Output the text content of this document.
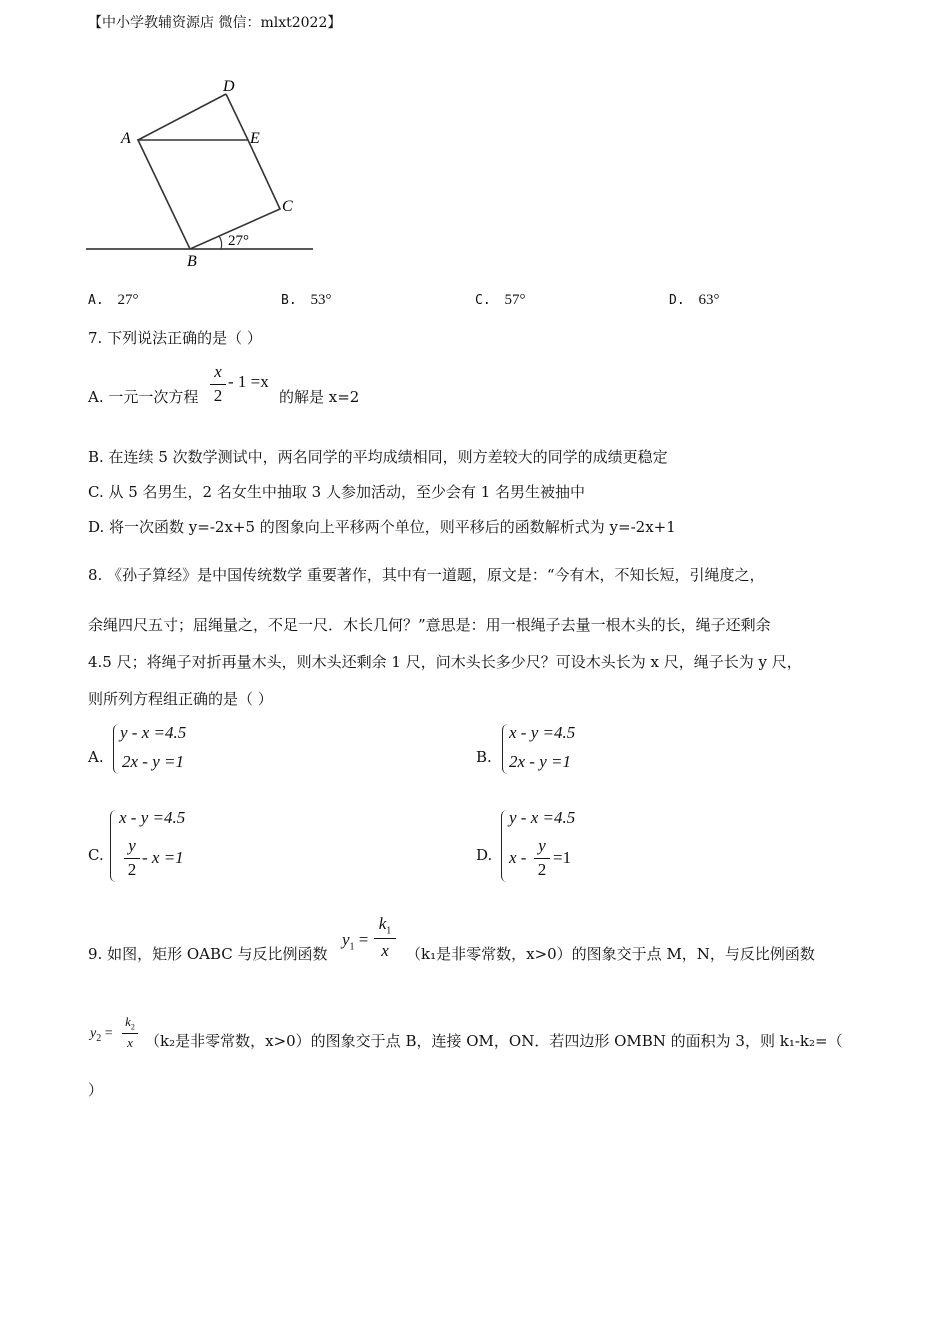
【中小学教辅资源店 微信：mlxt2022】
D
A	E
C
B
27°
A. 27°	B. 53°	C. 57°	D. 63°
7. 下列说法正确的是（ ）
A. 一元一次方程
x
2
- 1 =x
的解是 x=2
B. 在连续 5 次数学测试中，两名同学的平均成绩相同，则方差较大的同学的成绩更稳定
C. 从 5 名男生，2 名女生中抽取 3 人参加活动，至少会有 1 名男生被抽中
D. 将一次函数 y=-2x+5 的图象向上平移两个单位，则平移后的函数解析式为 y=-2x+1
8. 《孙子算经》是中国传统数学 重要著作，其中有一道题，原文是：“今有木，不知长短，引绳度之，
余绳四尺五寸；屈绳量之，不足一尺．木长几何？”意思是：用一根绳子去量一根木头的长，绳子还剩余
4.5 尺；将绳子对折再量木头，则木头还剩余 1 尺，问木头长多少尺？可设木头长为 x 尺，绳子长为 y 尺，
则所列方程组正确的是（ ）
A.
y - x =4.5
2x - y =1	B.
x - y =4.5
2x - y =1
C.
x - y =4.5
y
2
- x =1	D.
y - x =4.5
x -
y
2
=1
9. 如图，矩形 OABC 与反比例函数
$y_1$ =
$k_1$
x	（k₁是非零常数，x>0）的图象交于点 M，N，与反比例函数
$y_2$ =
$k_2$
x （k₂是非零常数，x>0）的图象交于点 B，连接 OM，ON．若四边形 OMBN 的面积为 3，则 k₁-k₂=（
）
